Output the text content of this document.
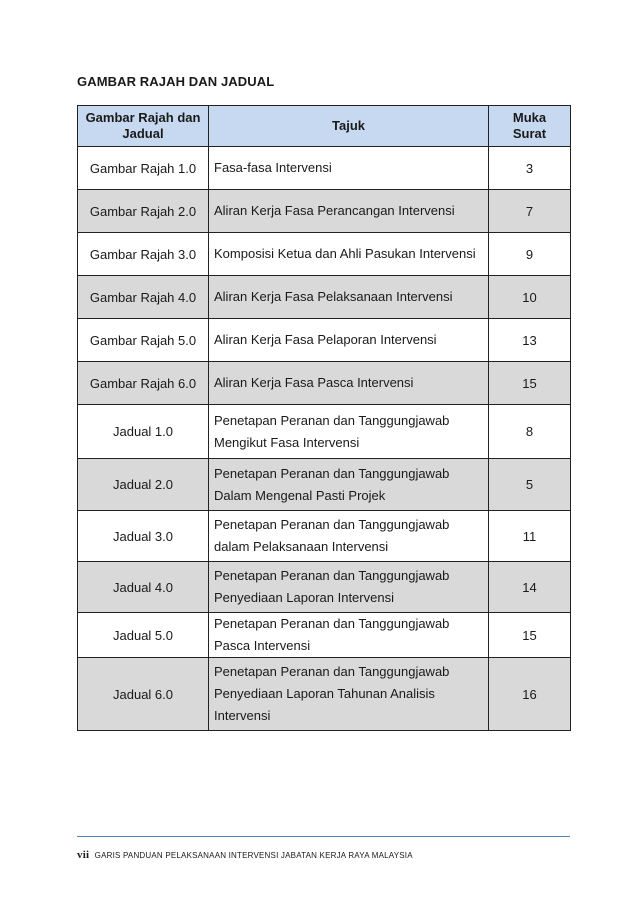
GAMBAR RAJAH DAN JADUAL
Gambar Rajah dan
Jadual	Tajuk	Muka
Surat
Gambar Rajah 1.0	Fasa-fasa Intervensi	3
Gambar Rajah 2.0	Aliran Kerja Fasa Perancangan Intervensi	7
Gambar Rajah 3.0	Komposisi Ketua dan Ahli Pasukan Intervensi	9
Gambar Rajah 4.0	Aliran Kerja Fasa Pelaksanaan Intervensi	10
Gambar Rajah 5.0	Aliran Kerja Fasa Pelaporan Intervensi	13
Gambar Rajah 6.0	Aliran Kerja Fasa Pasca Intervensi	15
Jadual 1.0	Penetapan Peranan dan Tanggungjawab
Mengikut Fasa Intervensi	8
Jadual 2.0	Penetapan Peranan dan Tanggungjawab
Dalam Mengenal Pasti Projek	5
Jadual 3.0	Penetapan Peranan dan Tanggungjawab
dalam Pelaksanaan Intervensi	11
Jadual 4.0	Penetapan Peranan dan Tanggungjawab
Penyediaan Laporan Intervensi	14
Jadual 5.0	Penetapan Peranan dan Tanggungjawab
Pasca Intervensi	15
Jadual 6.0	Penetapan Peranan dan Tanggungjawab
Penyediaan Laporan Tahunan Analisis
Intervensi	16
vii GARIS PANDUAN PELAKSANAAN INTERVENSI JABATAN KERJA RAYA MALAYSIA
